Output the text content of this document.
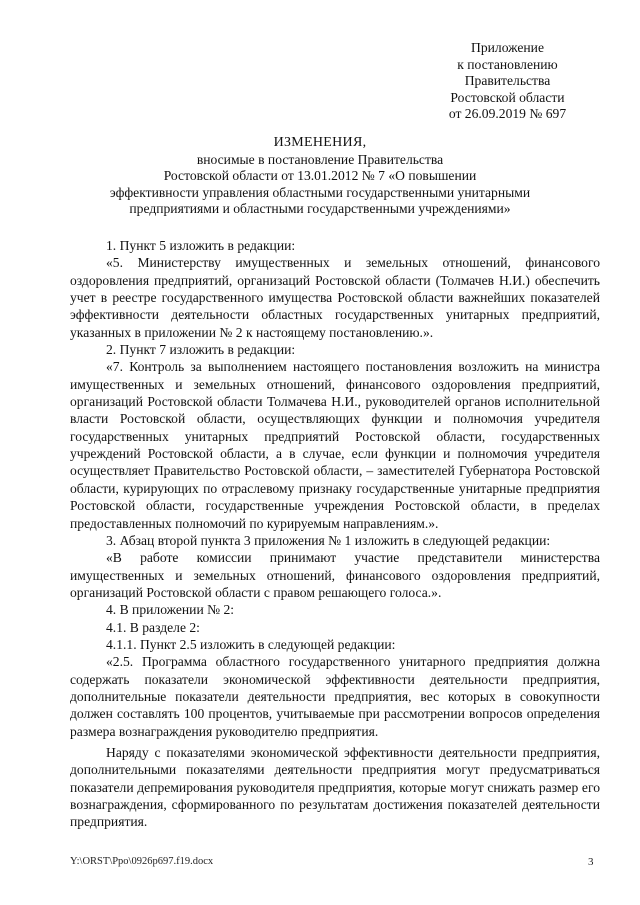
Приложение
к постановлению
Правительства
Ростовской области
от 26.09.2019 № 697
ИЗМЕНЕНИЯ,
вносимые в постановление Правительства
Ростовской области от 13.01.2012 № 7 «О повышении
эффективности управления областными государственными унитарными
предприятиями и областными государственными учреждениями»

1. Пункт 5 изложить в редакции:

«5. Министерству имущественных и земельных отношений, финансового оздоровления предприятий, организаций Ростовской области (Толмачев Н.И.) обеспечить учет в реестре государственного имущества Ростовской области важнейших показателей эффективности деятельности областных государственных унитарных предприятий, указанных в приложении № 2 к настоящему постановлению.».

2. Пункт 7 изложить в редакции:

«7. Контроль за выполнением настоящего постановления возложить на министра имущественных и земельных отношений, финансового оздоровления предприятий, организаций Ростовской области Толмачева Н.И., руководителей органов исполнительной власти Ростовской области, осуществляющих функции и полномочия учредителя государственных унитарных предприятий Ростовской области, государственных учреждений Ростовской области, а в случае, если функции и полномочия учредителя осуществляет Правительство Ростовской области, – заместителей Губернатора Ростовской области, курирующих по отраслевому признаку государственные унитарные предприятия Ростовской области, государственные учреждения Ростовской области, в пределах предоставленных полномочий по курируемым направлениям.».

3. Абзац второй пункта 3 приложения № 1 изложить в следующей редакции:

«В работе комиссии принимают участие представители министерства имущественных и земельных отношений, финансового оздоровления предприятий, организаций Ростовской области с правом решающего голоса.».

4. В приложении № 2:

4.1. В разделе 2:

4.1.1. Пункт 2.5 изложить в следующей редакции:

«2.5. Программа областного государственного унитарного предприятия должна содержать показатели экономической эффективности деятельности предприятия, дополнительные показатели деятельности предприятия, вес которых в совокупности должен составлять 100 процентов, учитываемые при рассмотрении вопросов определения размера вознаграждения руководителю предприятия.

Наряду с показателями экономической эффективности деятельности предприятия, дополнительными показателями деятельности предприятия могут предусматриваться показатели депремирования руководителя предприятия, которые могут снижать размер его вознаграждения, сформированного по результатам достижения показателей деятельности предприятия.

Y:\ORST\Ppo\0926p697.f19.docx	3
